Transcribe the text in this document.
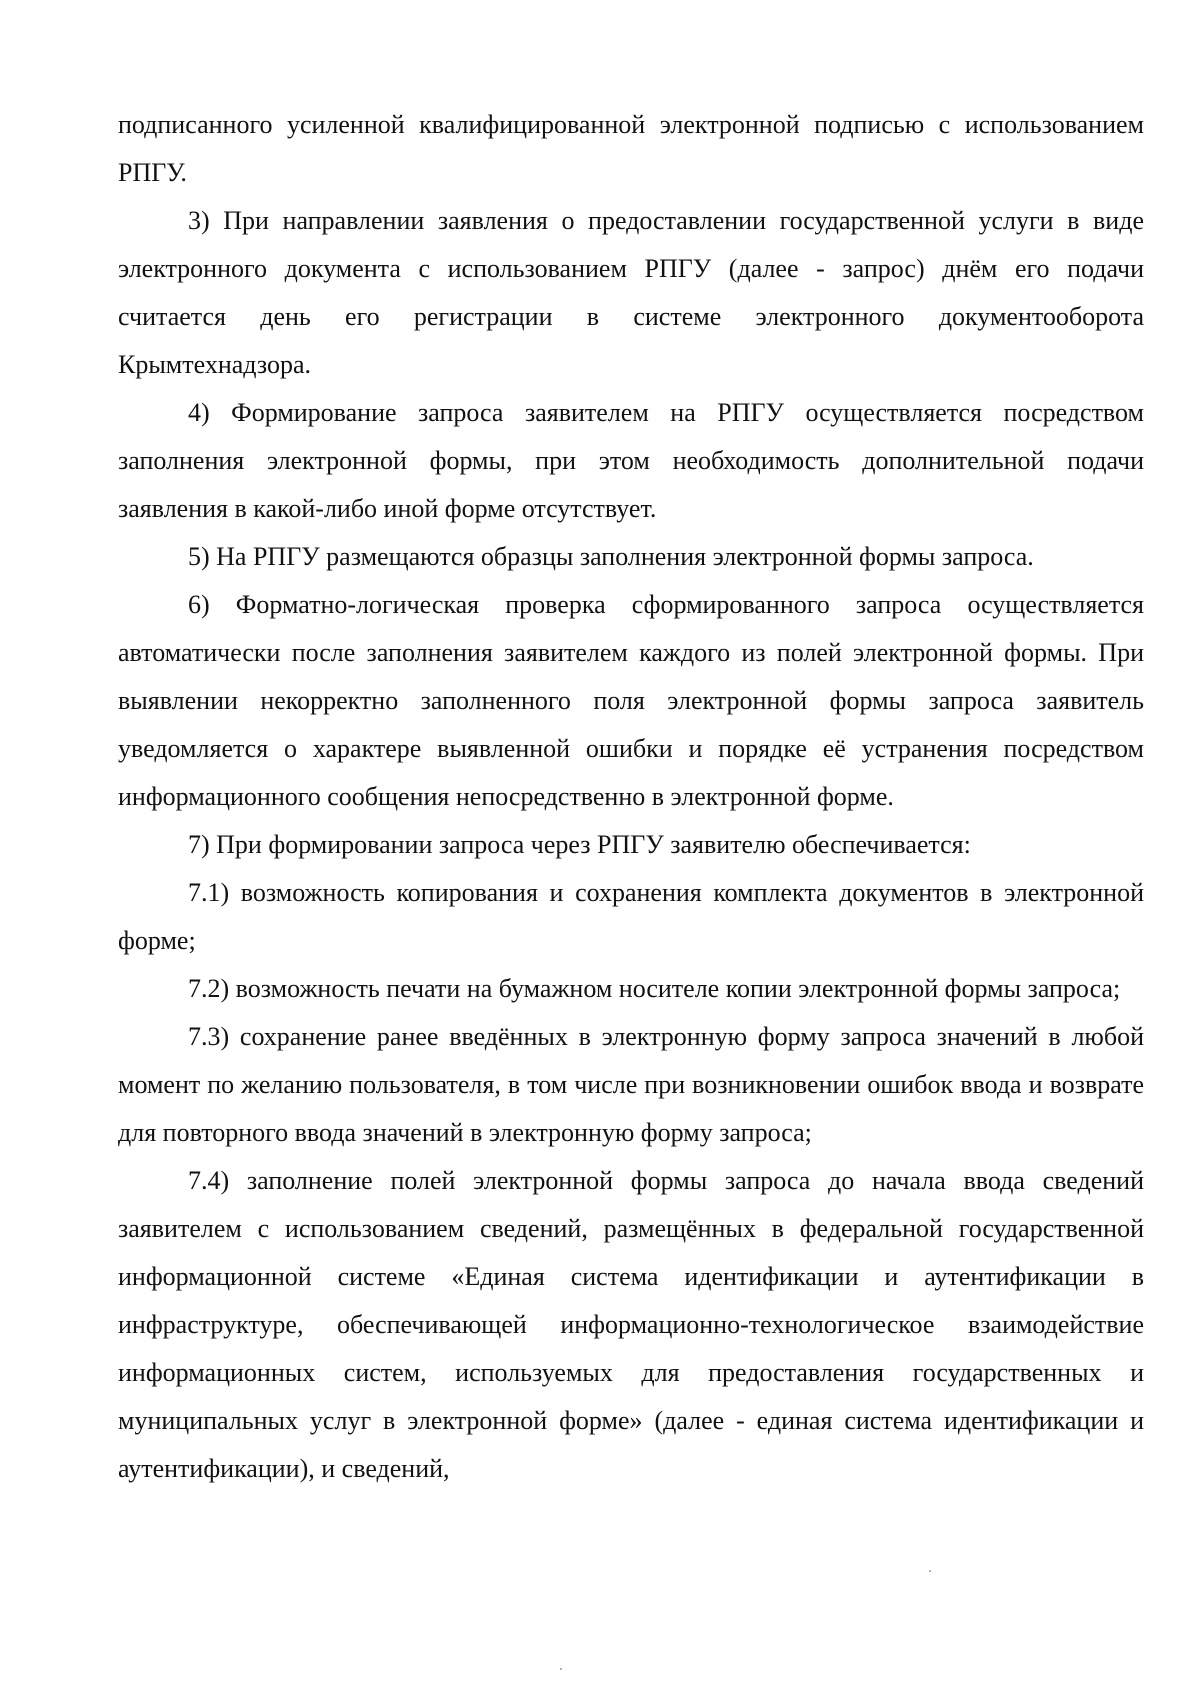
подписанного усиленной квалифицированной электронной подписью с использованием РПГУ.

3) При направлении заявления о предоставлении государственной услуги в виде электронного документа с использованием РПГУ (далее - запрос) днём его подачи считается день его регистрации в системе электронного документооборота Крымтехнадзора.

4) Формирование запроса заявителем на РПГУ осуществляется посредством заполнения электронной формы, при этом необходимость дополнительной подачи заявления в какой-либо иной форме отсутствует.

5) На РПГУ размещаются образцы заполнения электронной формы запроса.

6) Форматно-логическая проверка сформированного запроса осуществляется автоматически после заполнения заявителем каждого из полей электронной формы. При выявлении некорректно заполненного поля электронной формы запроса заявитель уведомляется о характере выявленной ошибки и порядке её устранения посредством информационного сообщения непосредственно в электронной форме.

7) При формировании запроса через РПГУ заявителю обеспечивается:

7.1) возможность копирования и сохранения комплекта документов в электронной форме;

7.2) возможность печати на бумажном носителе копии электронной формы запроса;

7.3) сохранение ранее введённых в электронную форму запроса значений в любой момент по желанию пользователя, в том числе при возникновении ошибок ввода и возврате для повторного ввода значений в электронную форму запроса;

7.4) заполнение полей электронной формы запроса до начала ввода сведений заявителем с использованием сведений, размещённых в федеральной государственной информационной системе «Единая система идентификации и аутентификации в инфраструктуре, обеспечивающей информационно-технологическое взаимодействие информационных систем, используемых для предоставления государственных и муниципальных услуг в электронной форме» (далее - единая система идентификации и аутентификации), и сведений,
